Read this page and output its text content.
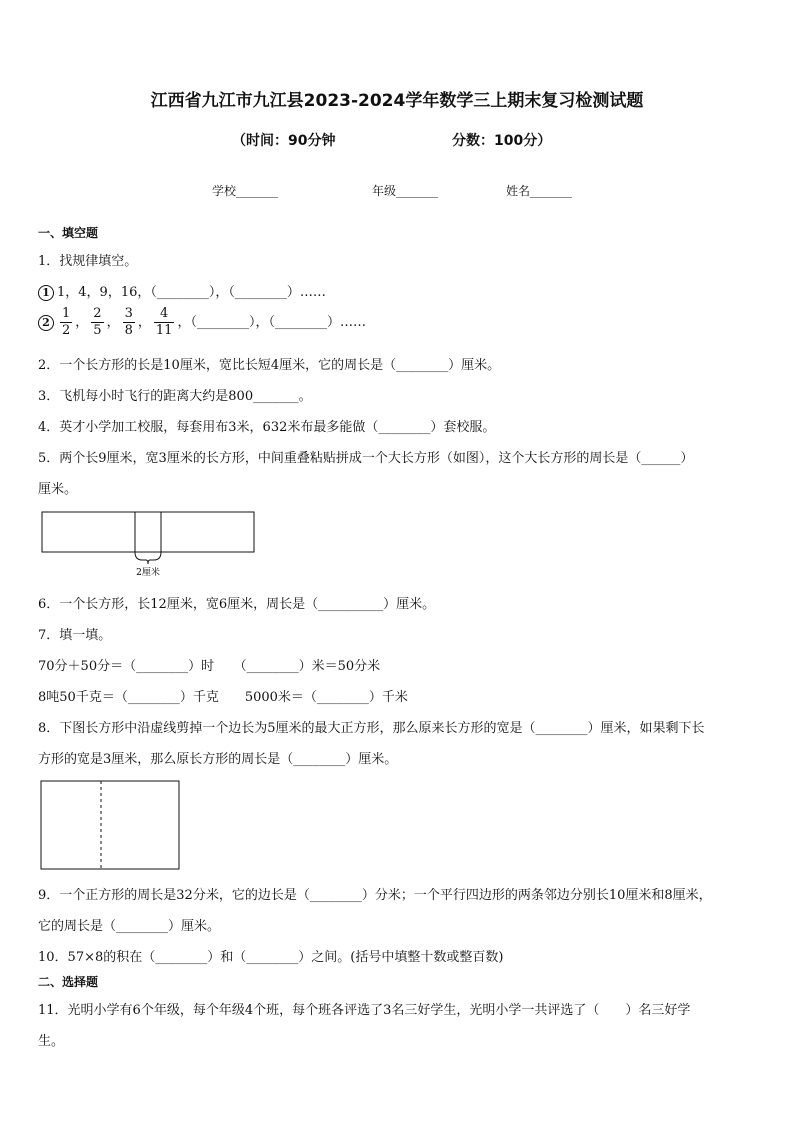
江西省九江市九江县2023-2024学年数学三上期末复习检测试题
（时间：90分钟	分数：100分）
学校_______	年级_______	姓名_______
一、填空题
1．找规律填空。
1 1，4，9，16，（________），（________）……
$2 \frac{1}{2}$ ， $\frac{2}{5}$ ， $\frac{3}{8}$ ， $\frac{4}{11}$ ，（________），（________）……
2．一个长方形的长是10厘米，宽比长短4厘米，它的周长是（________）厘米。
3．飞机每小时飞行的距离大约是800_______。
4．英才小学加工校服，每套用布3米，632米布最多能做（________）套校服。
5．两个长9厘米，宽3厘米的长方形，中间重叠粘贴拼成一个大长方形（如图），这个大长方形的周长是（______）
厘米。
2厘米
6．一个长方形，长12厘米，宽6厘米，周长是（__________）厘米。
7．填一填。
70分＋50分＝（________）时　　（________）米＝50分米
8吨50千克＝（________）千克　　5000米＝（________）千米
8．下图长方形中沿虚线剪掉一个边长为5厘米的最大正方形，那么原来长方形的宽是（________）厘米，如果剩下长
方形的宽是3厘米，那么原长方形的周长是（________）厘米。
9．一个正方形的周长是32分米，它的边长是（________）分米；一个平行四边形的两条邻边分别长10厘米和8厘米，
它的周长是（________）厘米。
10．57×8的积在（________）和（________）之间。(括号中填整十数或整百数)
二、选择题
11．光明小学有6个年级，每个年级4个班，每个班各评选了3名三好学生，光明小学一共评选了（　　）名三好学
生。
